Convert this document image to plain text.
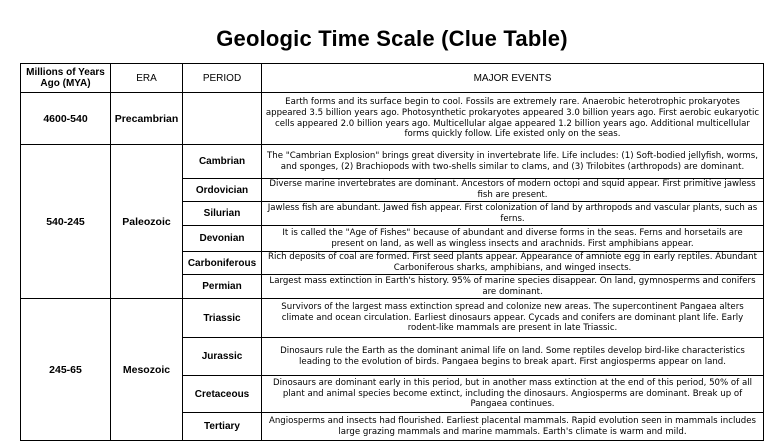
Geologic Time Scale (Clue Table)
Millions of Years Ago (MYA)	ERA	PERIOD	MAJOR EVENTS
4600-540	Precambrian		Earth forms and its surface begin to cool. Fossils are extremely rare. Anaerobic heterotrophic prokaryotes appeared 3.5 billion years ago. Photosynthetic prokaryotes appeared 3.0 billion years ago. First aerobic eukaryotic cells appeared 2.0 billion years ago. Multicellular algae appeared 1.2 billion years ago. Additional multicellular forms quickly follow. Life existed only on the seas.
540-245	Paleozoic	Cambrian	The "Cambrian Explosion" brings great diversity in invertebrate life. Life includes: (1) Soft-bodied jellyfish, worms, and sponges, (2) Brachiopods with two-shells similar to clams, and (3) Trilobites (arthropods) are dominant.
		Ordovician	Diverse marine invertebrates are dominant. Ancestors of modern octopi and squid appear. First primitive jawless fish are present.
		Silurian	Jawless fish are abundant. Jawed fish appear. First colonization of land by arthropods and vascular plants, such as ferns.
		Devonian	It is called the "Age of Fishes" because of abundant and diverse forms in the seas. Ferns and horsetails are present on land, as well as wingless insects and arachnids. First amphibians appear.
		Carboniferous	Rich deposits of coal are formed. First seed plants appear. Appearance of amniote egg in early reptiles. Abundant Carboniferous sharks, amphibians, and winged insects.
		Permian	Largest mass extinction in Earth's history. 95% of marine species disappear. On land, gymnosperms and conifers are dominant.
245-65	Mesozoic	Triassic	Survivors of the largest mass extinction spread and colonize new areas. The supercontinent Pangaea alters climate and ocean circulation. Earliest dinosaurs appear. Cycads and conifers are dominant plant life. Early rodent-like mammals are present in late Triassic.
		Jurassic	Dinosaurs rule the Earth as the dominant animal life on land. Some reptiles develop bird-like characteristics leading to the evolution of birds. Pangaea begins to break apart. First angiosperms appear on land.
		Cretaceous	Dinosaurs are dominant early in this period, but in another mass extinction at the end of this period, 50% of all plant and animal species become extinct, including the dinosaurs. Angiosperms are dominant. Break up of Pangaea continues.
		Tertiary	Angiosperms and insects had flourished. Earliest placental mammals. Rapid evolution seen in mammals includes large grazing mammals and marine mammals. Earth's climate is warm and mild.
